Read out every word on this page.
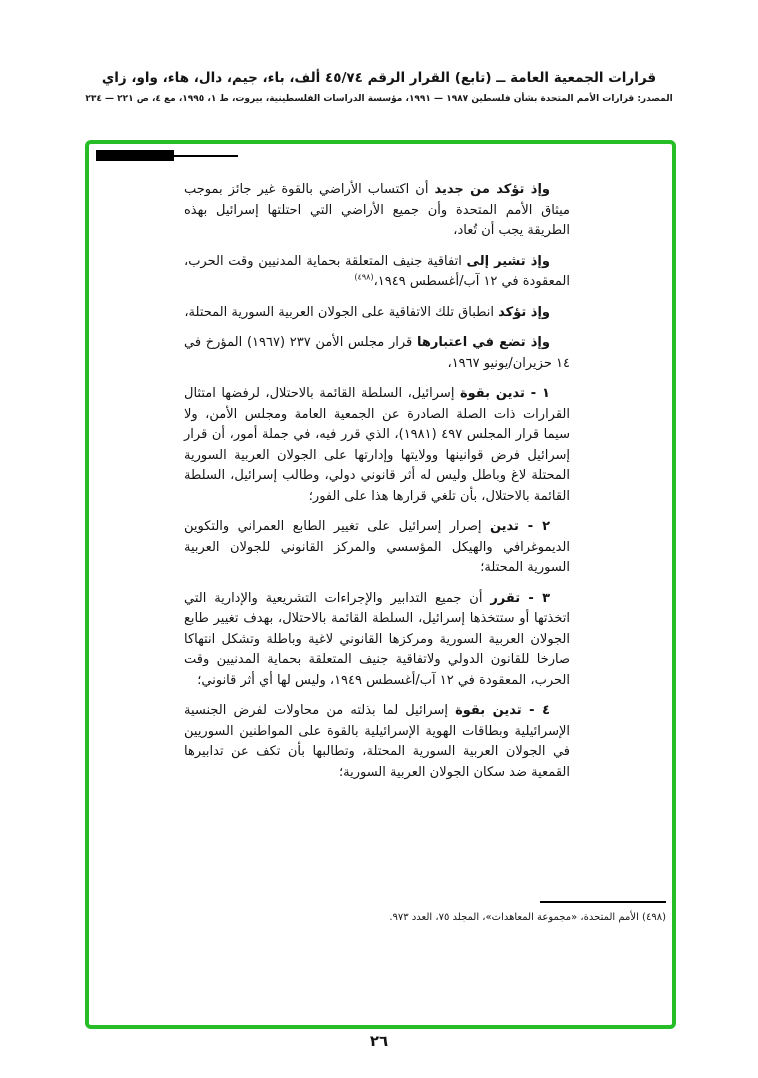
قرارات الجمعية العامة ــ (تابع) القرار الرقم ٤٥/٧٤ ألف، باء، جيم، دال، هاء، واو، زاي
المصدر: قرارات الأمم المتحدة بشأن فلسطين ١٩٨٧ — ١٩٩١، مؤسسة الدراسات الفلسطينية، بيروت، ط ١، ١٩٩٥، مع ٤، ص ٢٢١ — ٢٣٤

وإذ تؤكد من جديد أن اكتساب الأراضي بالقوة غير جائز بموجب ميثاق الأمم المتحدة وأن جميع الأراضي التي احتلتها إسرائيل بهذه الطريقة يجب أن تُعاد،

وإذ تشير إلى اتفاقية جنيف المتعلقة بحماية المدنيين وقت الحرب، المعقودة في ١٢ آب/أغسطس ١٩٤٩،$^{(٤٩٨)}$

وإذ تؤكد انطباق تلك الاتفاقية على الجولان العربية السورية المحتلة،

وإذ تضع في اعتبارها قرار مجلس الأمن ٢٣٧ (١٩٦٧) المؤرخ في ١٤ حزيران/يونيو ١٩٦٧،

١ - تدين بقوة إسرائيل، السلطة القائمة بالاحتلال، لرفضها امتثال القرارات ذات الصلة الصادرة عن الجمعية العامة ومجلس الأمن، ولا سيما قرار المجلس ٤٩٧ (١٩٨١)، الذي قرر فيه، في جملة أمور، أن قرار إسرائيل فرض قوانينها وولايتها وإدارتها على الجولان العربية السورية المحتلة لاغ وباطل وليس له أثر قانوني دولي، وطالب إسرائيل، السلطة القائمة بالاحتلال، بأن تلغي قرارها هذا على الفور؛

٢ - تدين إصرار إسرائيل على تغيير الطابع العمراني والتكوين الديموغرافي والهيكل المؤسسي والمركز القانوني للجولان العربية السورية المحتلة؛

٣ - تقرر أن جميع التدابير والإجراءات التشريعية والإدارية التي اتخذتها أو ستتخذها إسرائيل، السلطة القائمة بالاحتلال، بهدف تغيير طابع الجولان العربية السورية ومركزها القانوني لاغية وباطلة وتشكل انتهاكا صارخا للقانون الدولي ولاتفاقية جنيف المتعلقة بحماية المدنيين وقت الحرب، المعقودة في ١٢ آب/أغسطس ١٩٤٩، وليس لها أي أثر قانوني؛

٤ - تدين بقوة إسرائيل لما بذلته من محاولات لفرض الجنسية الإسرائيلية وبطاقات الهوية الإسرائيلية بالقوة على المواطنين السوريين في الجولان العربية السورية المحتلة، وتطالبها بأن تكف عن تدابيرها القمعية ضد سكان الجولان العربية السورية؛

(٤٩٨) الأمم المتحدة، «مجموعة المعاهدات»، المجلد ٧٥، العدد ٩٧٣.
٢٦
